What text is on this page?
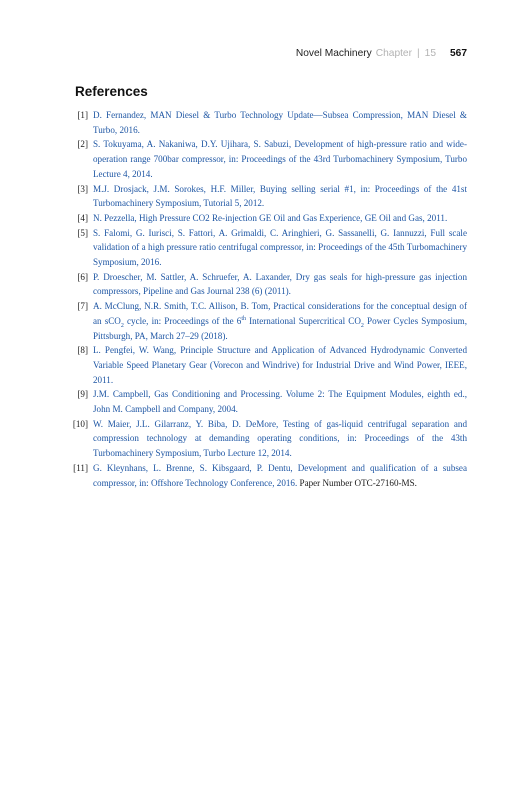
Novel Machinery Chapter | 15 567
References
[1] D. Fernandez, MAN Diesel & Turbo Technology Update—Subsea Compression, MAN Diesel & Turbo, 2016.
[2] S. Tokuyama, A. Nakaniwa, D.Y. Ujihara, S. Sabuzi, Development of high-pressure ratio and wide-operation range 700bar compressor, in: Proceedings of the 43rd Turbomachinery Symposium, Turbo Lecture 4, 2014.
[3] M.J. Drosjack, J.M. Sorokes, H.F. Miller, Buying selling serial #1, in: Proceedings of the 41st Turbomachinery Symposium, Tutorial 5, 2012.
[4] N. Pezzella, High Pressure CO2 Re-injection GE Oil and Gas Experience, GE Oil and Gas, 2011.
[5] S. Falomi, G. Iurisci, S. Fattori, A. Grimaldi, C. Aringhieri, G. Sassanelli, G. Iannuzzi, Full scale validation of a high pressure ratio centrifugal compressor, in: Proceedings of the 45th Turbomachinery Symposium, 2016.
[6] P. Droescher, M. Sattler, A. Schruefer, A. Laxander, Dry gas seals for high-pressure gas injection compressors, Pipeline and Gas Journal 238 (6) (2011).
[7] A. McClung, N.R. Smith, T.C. Allison, B. Tom, Practical considerations for the conceptual design of an sCO$_2$ cycle, in: Proceedings of the 6th International Supercritical $CO_2$ Power Cycles Symposium, Pittsburgh, PA, March 27–29 (2018).
[8] L. Pengfei, W. Wang, Principle Structure and Application of Advanced Hydrodynamic Converted Variable Speed Planetary Gear (Vorecon and Windrive) for Industrial Drive and Wind Power, IEEE, 2011.
[9] J.M. Campbell, Gas Conditioning and Processing. Volume 2: The Equipment Modules, eighth ed., John M. Campbell and Company, 2004.
[10] W. Maier, J.L. Gilarranz, Y. Biba, D. DeMore, Testing of gas-liquid centrifugal separation and compression technology at demanding operating conditions, in: Proceedings of the 43th Turbomachinery Symposium, Turbo Lecture 12, 2014.
[11] G. Kleynhans, L. Brenne, S. Kibsgaard, P. Dentu, Development and qualification of a subsea compressor, in: Offshore Technology Conference, 2016. Paper Number OTC-27160-MS.
